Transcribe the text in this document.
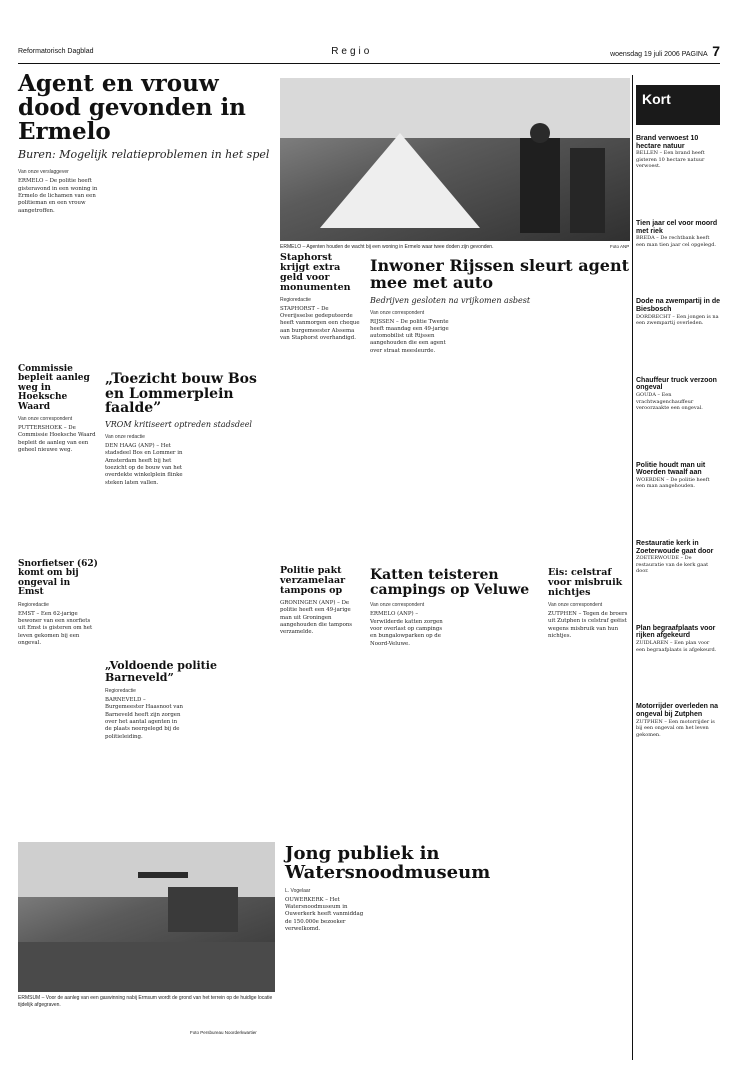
Reformatorisch Dagblad	Regio	woensdag 19 juli 2006 PAGINA 7
Agent en vrouw dood gevonden in Ermelo
Buren: Mogelijk relatieproblemen in het spel
Van onze verslaggever

ERMELO – De politie heeft gisteravond in een woning in Ermelo de lichamen van een politieman en een vrouw aangetroffen.

ERMELO – Agenten houden de wacht bij een woning in Ermelo waar twee doden zijn gevonden.	Foto ANP
Staphorst krijgt extra geld voor monumenten
Regioredactie

STAPHORST – De Overijsselse gedeputeerde heeft vanmorgen een cheque aan burgemeester Alssema van Staphorst overhandigd.

Inwoner Rijssen sleurt agent mee met auto
Bedrijven gesloten na vrijkomen asbest
Van onze correspondent

RIJSSEN – De politie Twente heeft maandag een 49-jarige automobilist uit Rijssen aangehouden die een agent over straat meesleurde.

Commissie bepleit aanleg weg in Hoeksche Waard
Van onze correspondent

PUTTERSHOEK – De Commissie Hoeksche Waard bepleit de aanleg van een geheel nieuwe weg.

„Toezicht bouw Bos en Lommerplein faalde”
VROM kritiseert optreden stadsdeel
Van onze redactie

DEN HAAG (ANP) – Het stadsdeel Bos en Lommer in Amsterdam heeft bij het toezicht op de bouw van het overdekte winkelplein flinke steken laten vallen.

Snorfietser (62) komt om bij ongeval in Emst
Regioredactie

EMST – Een 62-jarige bewoner van een snorfiets uit Emst is gisteren om het leven gekomen bij een ongeval.

Politie pakt verzamelaar tampons op

GRONINGEN (ANP) – De politie heeft een 49-jarige man uit Groningen aangehouden die tampons verzamelde.

Katten teisteren campings op Veluwe
Van onze correspondent

ERMELO (ANP) – Verwilderde katten zorgen voor overlast op campings en bungalowparken op de Noord-Veluwe.

Eis: celstraf voor misbruik nichtjes
Van onze correspondent

ZUTPHEN – Tegen de broers uit Zutphen is celstraf geëist wegens misbruik van hun nichtjes.

„Voldoende politie Barneveld”
Regioredactie

BARNEVELD – Burgemeester Haasnoot van Barneveld heeft zijn zorgen over het aantal agenten in de plaats neergelegd bij de politieleiding.

ERMSUM – Voor de aanleg van een gaswinning nabij Ermsum wordt de grond van het terrein op de huidige locatie tijdelijk afgegraven.
Foto Persbureau Noorderkwartier
Jong publiek in Watersnoodmuseum
L. Vogelaar

OUWERKERK – Het Watersnoodmuseum in Ouwerkerk heeft vanmiddag de 150.000e bezoeker verwelkomd.

Kort
Brand verwoest 10 hectare natuur

BELLEN – Een brand heeft gisteren 10 hectare natuur verwoest.

Tien jaar cel voor moord met riek

BREDA – De rechtbank heeft een man tien jaar cel opgelegd.

Dode na zwempartij in de Biesbosch

DORDRECHT – Een jongen is na een zwempartij overleden.

Chauffeur truck verzoon ongeval

GOUDA – Een vrachtwagenchauffeur veroorzaakte een ongeval.

Politie houdt man uit Woerden twaalf aan

WOERDEN – De politie heeft een man aangehouden.

Restauratie kerk in Zoeterwoude gaat door

ZOETERWOUDE – De restauratie van de kerk gaat door.

Plan begraafplaats voor rijken afgekeurd

ZUIDLAREN – Een plan voor een begraafplaats is afgekeurd.

Motorrijder overleden na ongeval bij Zutphen

ZUTPHEN – Een motorrijder is bij een ongeval om het leven gekomen.
